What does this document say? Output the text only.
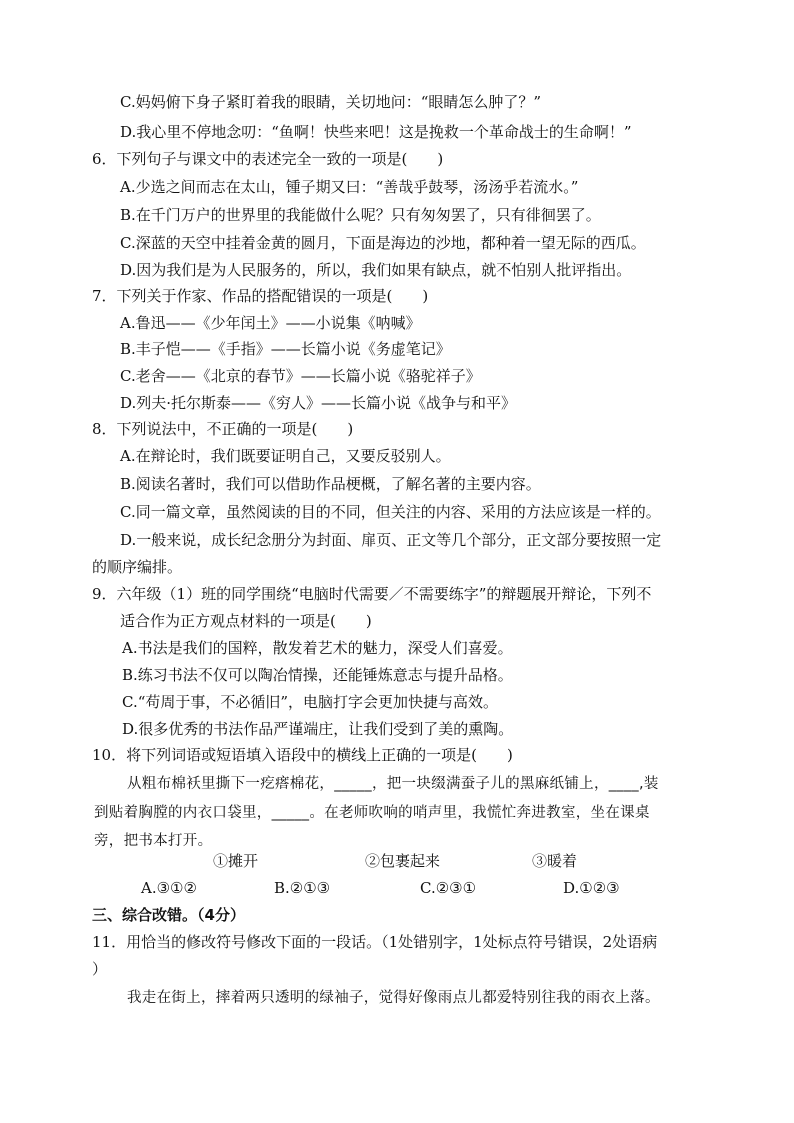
C.妈妈俯下身子紧盯着我的眼睛，关切地问：“眼睛怎么肿了？”
D.我心里不停地念叨：“鱼啊！快些来吧！这是挽救一个革命战士的生命啊！”
6．下列句子与课文中的表述完全一致的一项是(　　)
A.少选之间而志在太山，锺子期又曰：“善哉乎鼓琴，汤汤乎若流水。”
B.在千门万户的世界里的我能做什么呢？只有匆匆罢了，只有徘徊罢了。
C.深蓝的天空中挂着金黄的圆月，下面是海边的沙地，都种着一望无际的西瓜。
D.因为我们是为人民服务的，所以，我们如果有缺点，就不怕别人批评指出。
7．下列关于作家、作品的搭配错误的一项是(　　)
A.鲁迅——《少年闰土》——小说集《呐喊》
B.丰子恺——《手指》——长篇小说《务虚笔记》
C.老舍——《北京的春节》——长篇小说《骆驼祥子》
D.列夫·托尔斯泰——《穷人》——长篇小说《战争与和平》
8．下列说法中，不正确的一项是(　　)
A.在辩论时，我们既要证明自己，又要反驳别人。
B.阅读名著时，我们可以借助作品梗概，了解名著的主要内容。
C.同一篇文章，虽然阅读的目的不同，但关注的内容、采用的方法应该是一样的。
D.一般来说，成长纪念册分为封面、扉页、正文等几个部分，正文部分要按照一定
的顺序编排。
9．六年级（1）班的同学围绕“电脑时代需要／不需要练字”的辩题展开辩论，下列不
适合作为正方观点材料的一项是(　　)
A.书法是我们的国粹，散发着艺术的魅力，深受人们喜爱。
B.练习书法不仅可以陶冶情操，还能锤炼意志与提升品格。
C.“苟周于事，不必循旧”，电脑打字会更加快捷与高效。
D.很多优秀的书法作品严谨端庄，让我们受到了美的熏陶。
10．将下列词语或短语填入语段中的横线上正确的一项是(　　)
从粗布棉袄里撕下一疙瘩棉花，_____，把一块缀满蚕子儿的黑麻纸铺上，____,装
到贴着胸膛的内衣口袋里，_____。在老师吹响的哨声里，我慌忙奔进教室，坐在课桌
旁，把书本打开。
①摊开	②包裹起来	③暖着
A.③①②	B.②①③	C.②③①	D.①②③
三、综合改错。（4分）
11．用恰当的修改符号修改下面的一段话。（1处错别字，1处标点符号错误，2处语病
）
我走在街上，摔着两只透明的绿袖子，觉得好像雨点儿都爱特别往我的雨衣上落。
